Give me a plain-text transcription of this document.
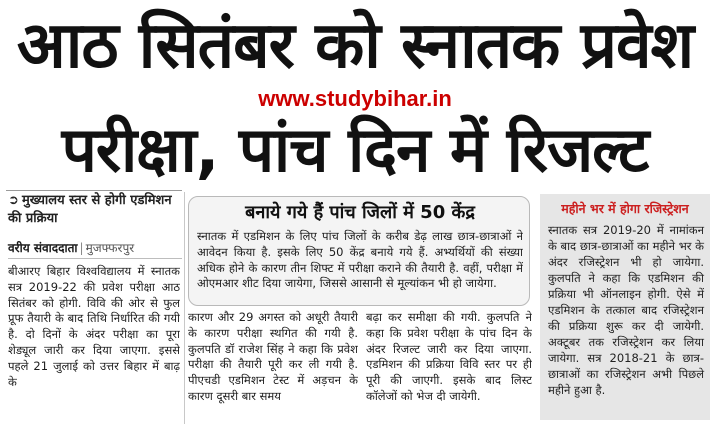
आठ सितंबर को स्नातक प्रवेश
www.studybihar.in
परीक्षा, पांच दिन में रिजल्ट
➲ मुख्यालय स्तर से होगी एडमिशन की प्रक्रिया
वरीय संवाददाता | मुजफ्फरपुर
बीआरए बिहार विश्वविद्यालय में स्नातक सत्र 2019-22 की प्रवेश परीक्षा आठ सितंबर को होगी. विवि की ओर से फुल प्रूफ तैयारी के बाद तिथि निर्धारित की गयी है. दो दिनों के अंदर परीक्षा का पूरा शेड्यूल जारी कर दिया जाएगा. इससे पहले 21 जुलाई को उत्तर बिहार में बाढ़ के
बनाये गये हैं पांच जिलों में 50 केंद्र
स्नातक में एडमिशन के लिए पांच जिलों के करीब डेढ़ लाख छात्र-छात्राओं ने आवेदन किया है. इसके लिए 50 केंद्र बनाये गये हैं. अभ्यर्थियों की संख्या अधिक होने के कारण तीन शिफ्ट में परीक्षा कराने की तैयारी है. वहीं, परीक्षा में ओएमआर शीट दिया जायेगा, जिससे आसानी से मूल्यांकन भी हो जायेगा.
कारण और 29 अगस्त को अधूरी तैयारी के कारण परीक्षा स्थगित की गयी है. कुलपति डॉ राजेश सिंह ने कहा कि प्रवेश परीक्षा की तैयारी पूरी कर ली गयी है. पीएचडी एडमिशन टेस्ट में अड़चन के कारण दूसरी बार समय
बढ़ा कर समीक्षा की गयी. कुलपति ने कहा कि प्रवेश परीक्षा के पांच दिन के अंदर रिजल्ट जारी कर दिया जाएगा. एडमिशन की प्रक्रिया विवि स्तर पर ही पूरी की जाएगी. इसके बाद लिस्ट कॉलेजों को भेज दी जायेगी.
महीने भर में होगा रजिस्ट्रेशन
स्नातक सत्र 2019-20 में नामांकन के बाद छात्र-छात्राओं का महीने भर के अंदर रजिस्ट्रेशन भी हो जायेगा. कुलपति ने कहा कि एडमिशन की प्रक्रिया भी ऑनलाइन होगी. ऐसे में एडमिशन के तत्काल बाद रजिस्ट्रेशन की प्रक्रिया शुरू कर दी जायेगी. अक्टूबर तक रजिस्ट्रेशन कर लिया जायेगा. सत्र 2018-21 के छात्र-छात्राओं का रजिस्ट्रेशन अभी पिछले महीने हुआ है.
